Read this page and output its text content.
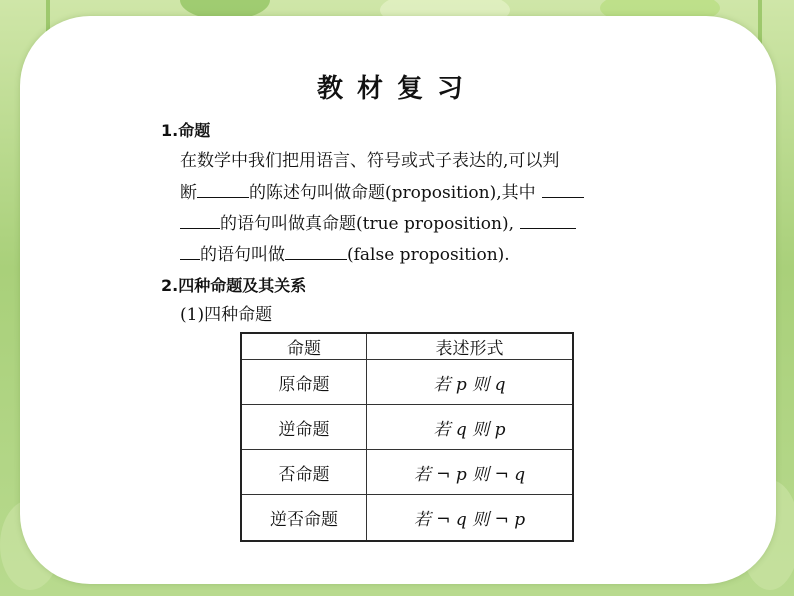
教材复习
1.命题
在数学中我们把用语言、符号或式子表达的,可以判
断	的陈述句叫做命题(proposition),其中
的语句叫做真命题(true proposition),
的语句叫做	(false proposition).
2.四种命题及其关系
(1)四种命题
命题	表述形式
原命题	若 p 则 q
逆命题	若 q 则 p
否命题	若 ¬ p 则 ¬ q
逆否命题	若 ¬ q 则 ¬ p
